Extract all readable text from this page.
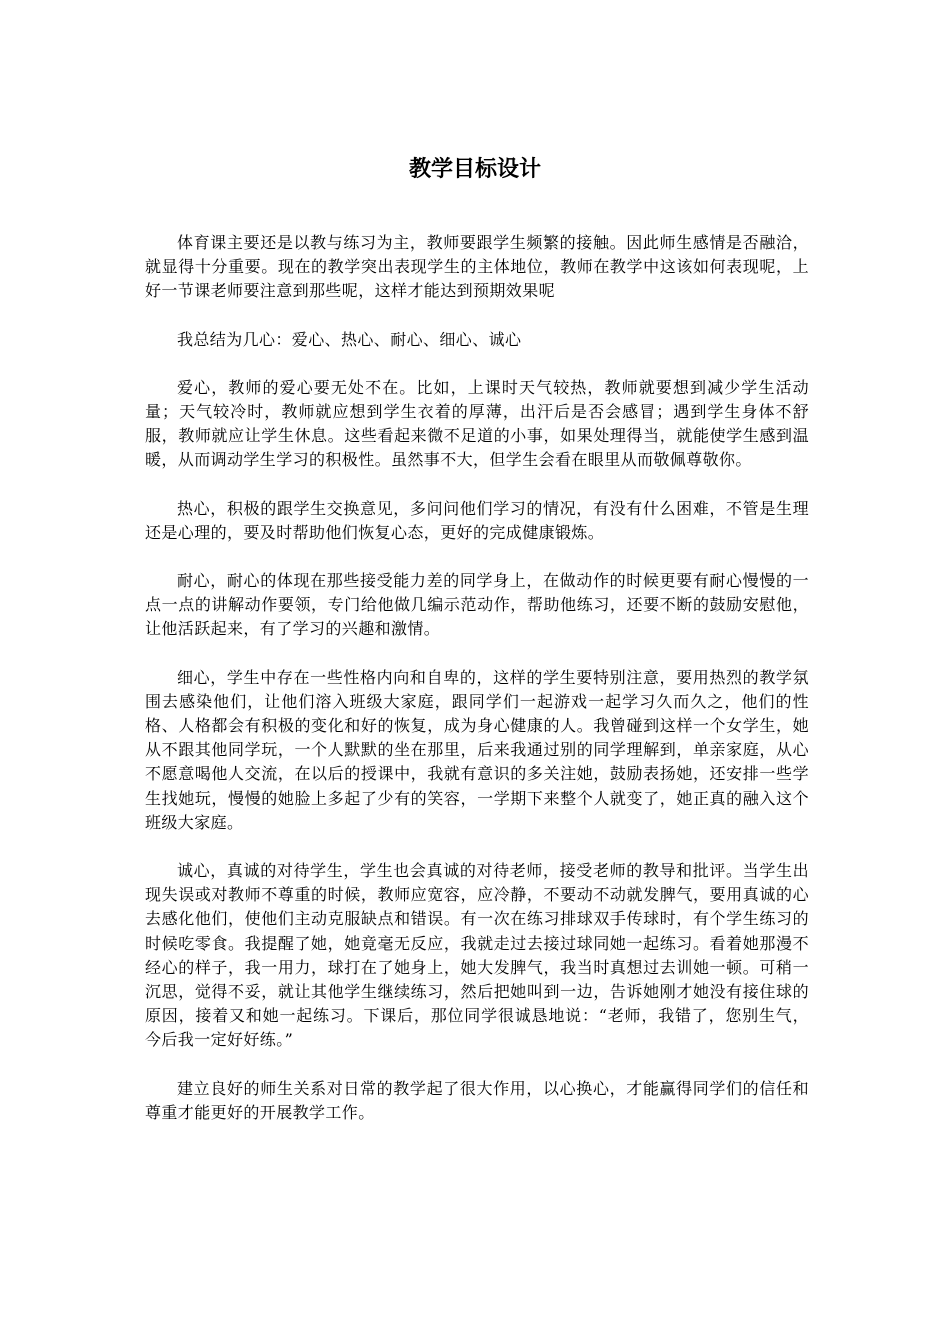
教学目标设计

体育课主要还是以教与练习为主，教师要跟学生频繁的接触。因此师生感情是否融洽，就显得十分重要。现在的教学突出表现学生的主体地位，教师在教学中这该如何表现呢，上好一节课老师要注意到那些呢，这样才能达到预期效果呢

我总结为几心：爱心、热心、耐心、细心、诚心

爱心，教师的爱心要无处不在。比如，上课时天气较热，教师就要想到减少学生活动量；天气较冷时，教师就应想到学生衣着的厚薄，出汗后是否会感冒；遇到学生身体不舒服，教师就应让学生休息。这些看起来微不足道的小事，如果处理得当，就能使学生感到温暖，从而调动学生学习的积极性。虽然事不大，但学生会看在眼里从而敬佩尊敬你。

热心，积极的跟学生交换意见，多问问他们学习的情况，有没有什么困难，不管是生理还是心理的，要及时帮助他们恢复心态，更好的完成健康锻炼。

耐心，耐心的体现在那些接受能力差的同学身上，在做动作的时候更要有耐心慢慢的一点一点的讲解动作要领，专门给他做几编示范动作，帮助他练习，还要不断的鼓励安慰他，让他活跃起来，有了学习的兴趣和激情。

细心，学生中存在一些性格内向和自卑的，这样的学生要特别注意，要用热烈的教学氛围去感染他们，让他们溶入班级大家庭，跟同学们一起游戏一起学习久而久之，他们的性格、人格都会有积极的变化和好的恢复，成为身心健康的人。我曾碰到这样一个女学生，她从不跟其他同学玩，一个人默默的坐在那里，后来我通过别的同学理解到，单亲家庭，从心不愿意喝他人交流，在以后的授课中，我就有意识的多关注她，鼓励表扬她，还安排一些学生找她玩，慢慢的她脸上多起了少有的笑容，一学期下来整个人就变了，她正真的融入这个班级大家庭。

诚心，真诚的对待学生，学生也会真诚的对待老师，接受老师的教导和批评。当学生出现失误或对教师不尊重的时候，教师应宽容，应冷静，不要动不动就发脾气，要用真诚的心去感化他们，使他们主动克服缺点和错误。有一次在练习排球双手传球时，有个学生练习的时候吃零食。我提醒了她，她竟毫无反应，我就走过去接过球同她一起练习。看着她那漫不经心的样子，我一用力，球打在了她身上，她大发脾气，我当时真想过去训她一顿。可稍一沉思，觉得不妥，就让其他学生继续练习，然后把她叫到一边，告诉她刚才她没有接住球的原因，接着又和她一起练习。下课后，那位同学很诚恳地说：“老师，我错了，您别生气，今后我一定好好练。”

建立良好的师生关系对日常的教学起了很大作用，以心换心，才能赢得同学们的信任和尊重才能更好的开展教学工作。
